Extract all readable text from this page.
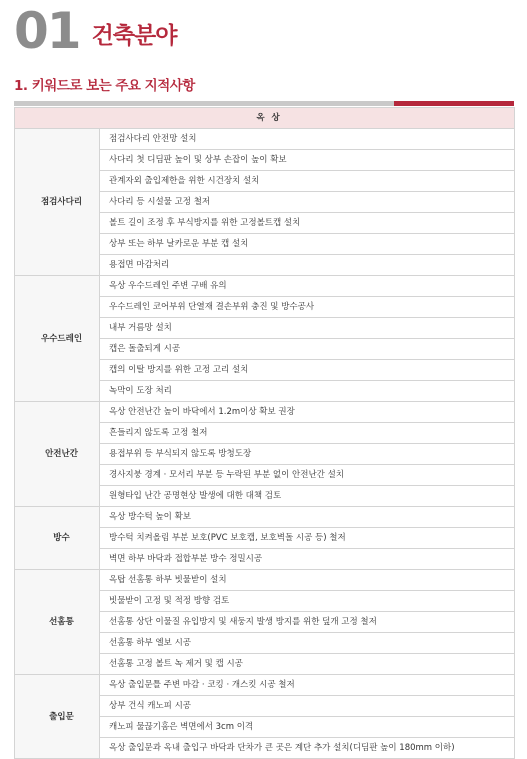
01 건축분야
1. 키워드로 보는 주요 지적사항
옥 상	
점검사다리	점검사다리 안전망 설치
	사다리 첫 디딤판 높이 및 상부 손잡이 높이 확보
	관계자외 출입제한을 위한 시건장치 설치
	사다리 등 시설물 고정 철저
	볼트 길이 조정 후 부식방지를 위한 고정볼트캡 설치
	상부 또는 하부 날카로운 부분 캡 설치
	용접면 마감처리
우수드레인	옥상 우수드레인 주변 구배 유의
	우수드레인 코어부위 단열재 결손부위 충진 및 방수공사
	내부 거름망 설치
	캡은 돌출되게 시공
	캡의 이탈 방지를 위한 고정 고리 설치
	녹막이 도장 처리
안전난간	옥상 안전난간 높이 바닥에서 1.2m이상 확보 권장
	흔들리지 않도록 고정 철저
	용접부위 등 부식되지 않도록 방청도장
	경사지붕 경계 · 모서리 부분 등 누락된 부분 없이 안전난간 설치
	원형타입 난간 공명현상 발생에 대한 대책 검토
방수	옥상 방수턱 높이 확보
	방수턱 치켜올림 부분 보호(PVC 보호캡, 보호벽돌 시공 등) 철저
	벽면 하부 바닥과 접합부분 방수 정밀시공
선홈통	옥탑 선홈통 하부 빗물받이 설치
	빗물받이 고정 및 적정 방향 검토
	선홈통 상단 이물질 유입방지 및 새둥지 발생 방지를 위한 덮개 고정 철저
	선홈통 하부 엘보 시공
	선홈통 고정 볼트 녹 제거 및 캡 시공
출입문	옥상 출입문틀 주변 마감 · 코킹 · 개스킷 시공 철저
	상부 건식 캐노피 시공
	캐노피 물끊기홈은 벽면에서 3cm 이격
	옥상 출입문과 옥내 출입구 바닥과 단차가 큰 곳은 계단 추가 설치(디딤판 높이 180mm 이하)
